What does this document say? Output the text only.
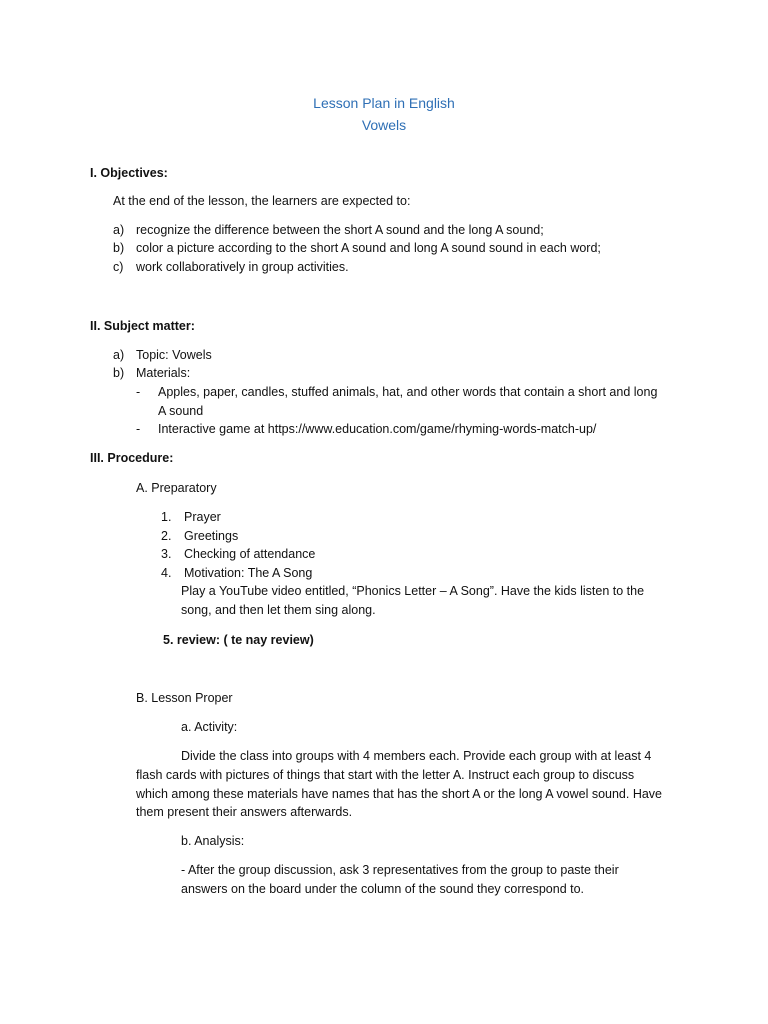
Lesson Plan in English
Vowels
I. Objectives:
At the end of the lesson, the learners are expected to:
a) recognize the difference between the short A sound and the long A sound;
b) color a picture according to the short A sound and long A sound sound in each word;
c) work collaboratively in group activities.
II. Subject matter:
a) Topic: Vowels
b) Materials:
- Apples, paper, candles, stuffed animals, hat, and other words that contain a short and long
A sound
- Interactive game at https://www.education.com/game/rhyming-words-match-up/
III. Procedure:
A. Preparatory
1. Prayer
2. Greetings
3. Checking of attendance
4. Motivation: The A Song
Play a YouTube video entitled, “Phonics Letter – A Song”. Have the kids listen to the
song, and then let them sing along.
5. review: ( te nay review)
B. Lesson Proper
a. Activity:
Divide the class into groups with 4 members each. Provide each group with at least 4
flash cards with pictures of things that start with the letter A. Instruct each group to discuss
which among these materials have names that has the short A or the long A vowel sound. Have
them present their answers afterwards.
b. Analysis:
- After the group discussion, ask 3 representatives from the group to paste their
answers on the board under the column of the sound they correspond to.
